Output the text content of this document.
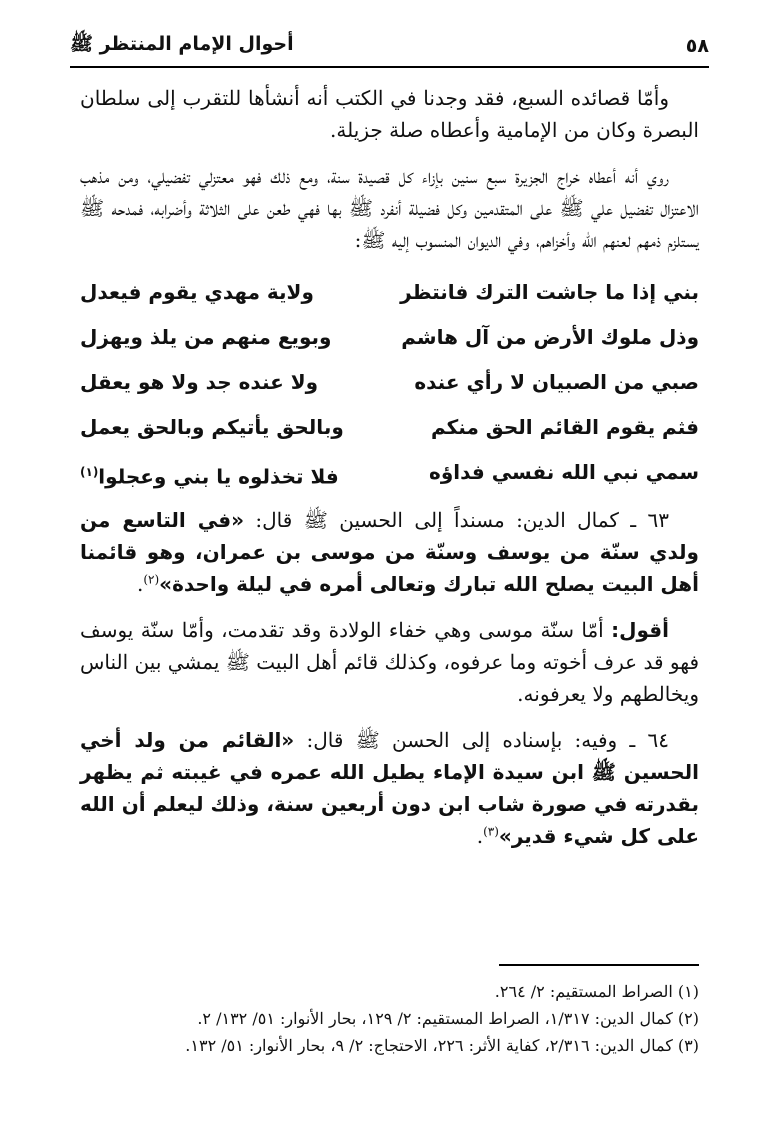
أحوال الإمام المنتظر ﷺ	٥٨

وأمّا قصائده السبع، فقد وجدنا في الكتب أنه أنشأها للتقرب إلى سلطان البصرة وكان من الإمامية وأعطاه صلة جزيلة.

روي أنه أعطاه خراج الجزيرة سبع سنين بإزاء كل قصيدة سنة، ومع ذلك فهو معتزلي تفضيلي، ومن مذهب الاعتزال تفضيل علي ﷺ على المتقدمين وكل فضيلة أنفرد ﷺ بها فهي طعن على الثلاثة وأضرابه، فمدحه ﷺ يستلزم ذمهم لعنهم الله وأخزاهم، وفي الديوان المنسوب إليه ﷺ:

بني إذا ما جاشت الترك فانتظر
ولاية مهدي يقوم فيعدل
وذل ملوك الأرض من آل هاشم
وبويع منهم من يلذ ويهزل
صبي من الصبيان لا رأي عنده
ولا عنده جد ولا هو يعقل
فثم يقوم القائم الحق منكم
وبالحق يأتيكم وبالحق يعمل
سمي نبي الله نفسي فداؤه
فلا تخذلوه يا بني وعجلوا$^{(١)}$

٦٣ ـ كمال الدين: مسنداً إلى الحسين ﷺ قال: «في التاسع من ولدي سنّة من يوسف وسنّة من موسى بن عمران، وهو قائمنا أهل البيت يصلح الله تبارك وتعالى أمره في ليلة واحدة»$^{(٢)}$.

أقول: أمّا سنّة موسى وهي خفاء الولادة وقد تقدمت، وأمّا سنّة يوسف فهو قد عرف أخوته وما عرفوه، وكذلك قائم أهل البيت ﷺ يمشي بين الناس ويخالطهم ولا يعرفونه.

٦٤ ـ وفيه: بإسناده إلى الحسن ﷺ قال: «القائم من ولد أخي الحسين ﷺ ابن سيدة الإماء يطيل الله عمره في غيبته ثم يظهر بقدرته في صورة شاب ابن دون أربعين سنة، وذلك ليعلم أن الله على كل شيء قدير»$^{(٣)}$.

(١) الصراط المستقيم: ٢/ ٢٦٤.

(٢) كمال الدين: ١/٣١٧، الصراط المستقيم: ٢/ ١٢٩، بحار الأنوار: ٥١/ ١٣٢/ ٢.

(٣) كمال الدين: ٢/٣١٦، كفاية الأثر: ٢٢٦، الاحتجاج: ٢/ ٩، بحار الأنوار: ٥١/ ١٣٢.
